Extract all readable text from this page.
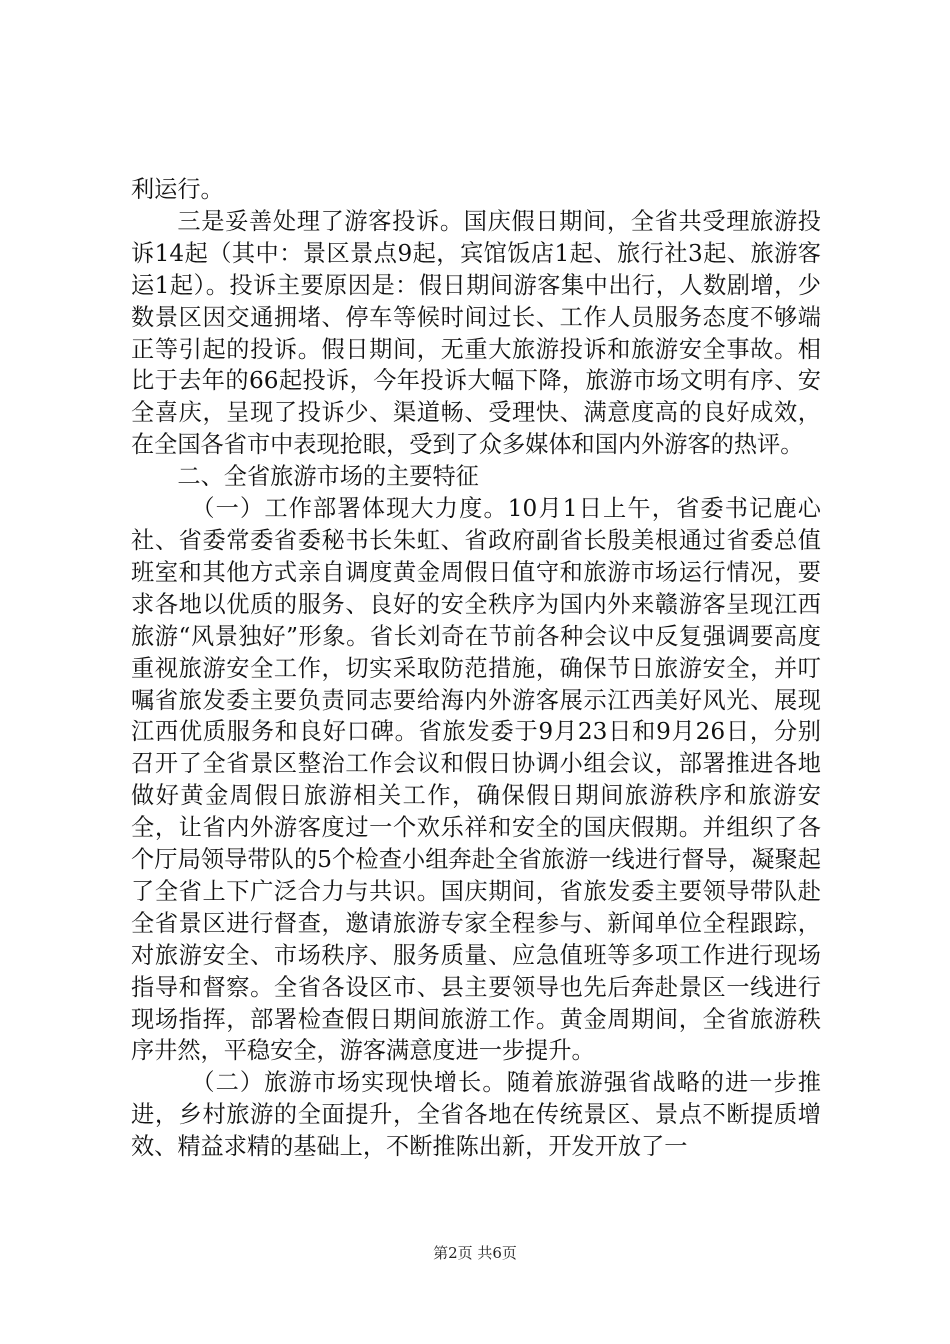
利运行。

三是妥善处理了游客投诉。国庆假日期间，全省共受理旅游投诉14起（其中：景区景点9起，宾馆饭店1起、旅行社3起、旅游客运1起）。投诉主要原因是：假日期间游客集中出行，人数剧增，少数景区因交通拥堵、停车等候时间过长、工作人员服务态度不够端正等引起的投诉。假日期间，无重大旅游投诉和旅游安全事故。相比于去年的66起投诉，今年投诉大幅下降，旅游市场文明有序、安全喜庆，呈现了投诉少、渠道畅、受理快、满意度高的良好成效，在全国各省市中表现抢眼，受到了众多媒体和国内外游客的热评。

二、全省旅游市场的主要特征

（一）工作部署体现大力度。10月1日上午，省委书记鹿心社、省委常委省委秘书长朱虹、省政府副省长殷美根通过省委总值班室和其他方式亲自调度黄金周假日值守和旅游市场运行情况，要求各地以优质的服务、良好的安全秩序为国内外来赣游客呈现江西旅游“风景独好”形象。省长刘奇在节前各种会议中反复强调要高度重视旅游安全工作，切实采取防范措施，确保节日旅游安全，并叮嘱省旅发委主要负责同志要给海内外游客展示江西美好风光、展现江西优质服务和良好口碑。省旅发委于9月23日和9月26日，分别召开了全省景区整治工作会议和假日协调小组会议，部署推进各地做好黄金周假日旅游相关工作，确保假日期间旅游秩序和旅游安全，让省内外游客度过一个欢乐祥和安全的国庆假期。并组织了各个厅局领导带队的5个检查小组奔赴全省旅游一线进行督导，凝聚起了全省上下广泛合力与共识。国庆期间，省旅发委主要领导带队赴全省景区进行督查，邀请旅游专家全程参与、新闻单位全程跟踪，对旅游安全、市场秩序、服务质量、应急值班等多项工作进行现场指导和督察。全省各设区市、县主要领导也先后奔赴景区一线进行现场指挥，部署检查假日期间旅游工作。黄金周期间，全省旅游秩序井然，平稳安全，游客满意度进一步提升。

（二）旅游市场实现快增长。随着旅游强省战略的进一步推进，乡村旅游的全面提升，全省各地在传统景区、景点不断提质增效、精益求精的基础上，不断推陈出新，开发开放了一

第2页 共6页
